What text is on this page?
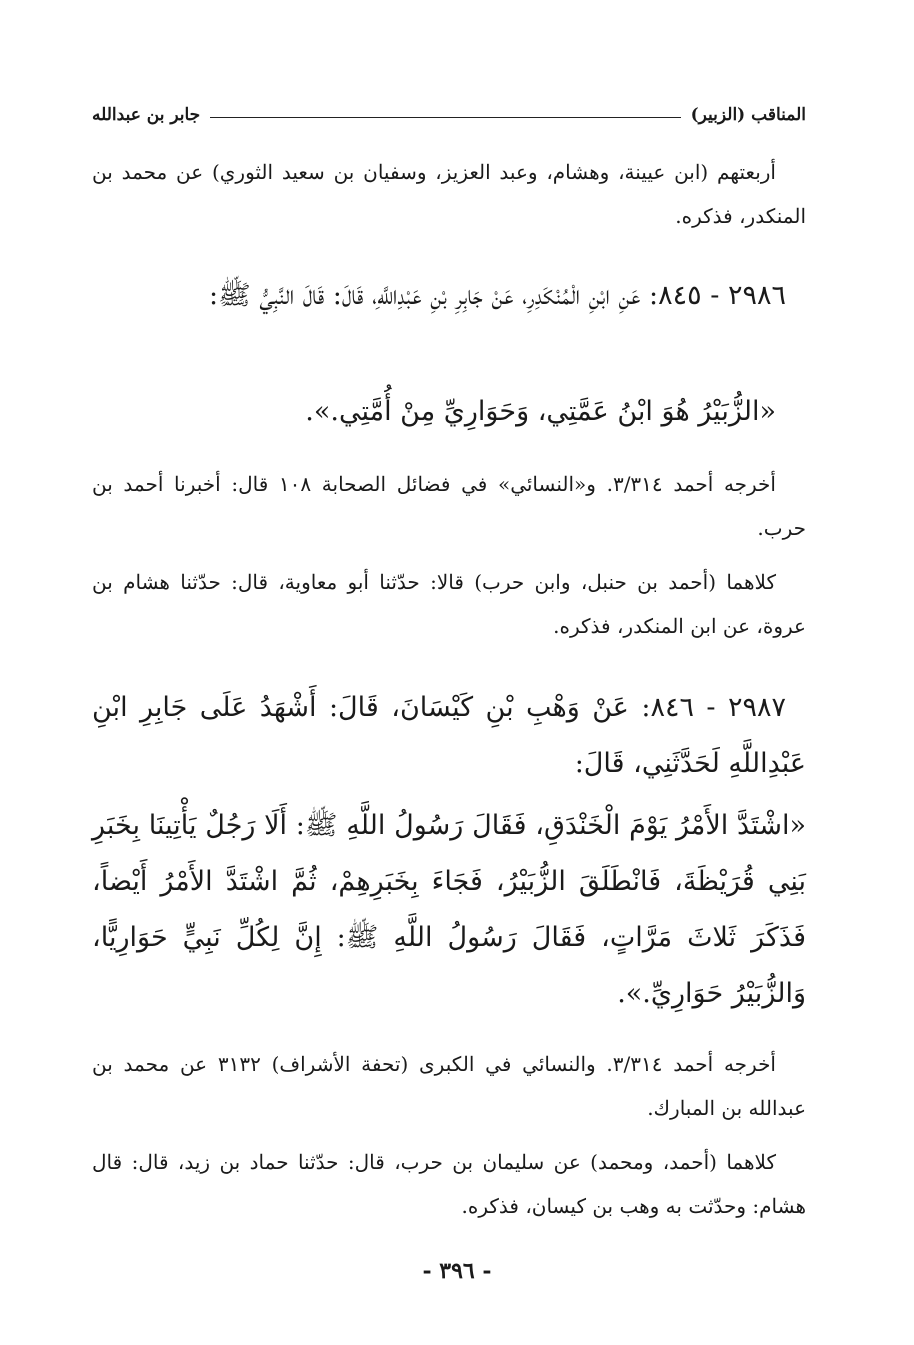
المناقب (الزبير)
جابر بن عبدالله

أربعتهم (ابن عيينة، وهشام، وعبد العزيز، وسفيان بن سعيد الثوري) عن محمد بن المنكدر، فذكره.

٢٩٨٦ - ٨٤٥: عَنِ ابْنِ الْمُنْكَدِرِ، عَنْ جَابِرِ بْنِ عَبْدِاللَّهِ، قَالَ: قَالَ النَّبِيُّ ﷺ:

«الزُّبَيْرُ هُوَ ابْنُ عَمَّتِي، وَحَوَارِيِّ مِنْ أُمَّتِي.».

أخرجه أحمد ٣/٣١٤. و«النسائي» في فضائل الصحابة ١٠٨ قال: أخبرنا أحمد بن حرب.

كلاهما (أحمد بن حنبل، وابن حرب) قالا: حدّثنا أبو معاوية، قال: حدّثنا هشام بن عروة، عن ابن المنكدر، فذكره.

٢٩٨٧ - ٨٤٦: عَنْ وَهْبِ بْنِ كَيْسَانَ، قَالَ: أَشْهَدُ عَلَى جَابِرِ ابْنِ عَبْدِاللَّهِ لَحَدَّثَنِي، قَالَ:

«اشْتَدَّ الأَمْرُ يَوْمَ الْخَنْدَقِ، فَقَالَ رَسُولُ اللَّهِ ﷺ: أَلَا رَجُلٌ يَأْتِينَا بِخَبَرِ بَنِي قُرَيْظَةَ، فَانْطَلَقَ الزُّبَيْرُ، فَجَاءَ بِخَبَرِهِمْ، ثُمَّ اشْتَدَّ الأَمْرُ أَيْضاً، فَذَكَرَ ثَلاثَ مَرَّاتٍ، فَقَالَ رَسُولُ اللَّهِ ﷺ: إِنَّ لِكُلِّ نَبِيٍّ حَوَارِيًّا، وَالزُّبَيْرُ حَوَارِيِّ.».

أخرجه أحمد ٣/٣١٤. والنسائي في الكبرى (تحفة الأشراف) ٣١٣٢ عن محمد بن عبدالله بن المبارك.

كلاهما (أحمد، ومحمد) عن سليمان بن حرب، قال: حدّثنا حماد بن زيد، قال: قال هشام: وحدّثت به وهب بن كيسان، فذكره.

- ٣٩٦ -
